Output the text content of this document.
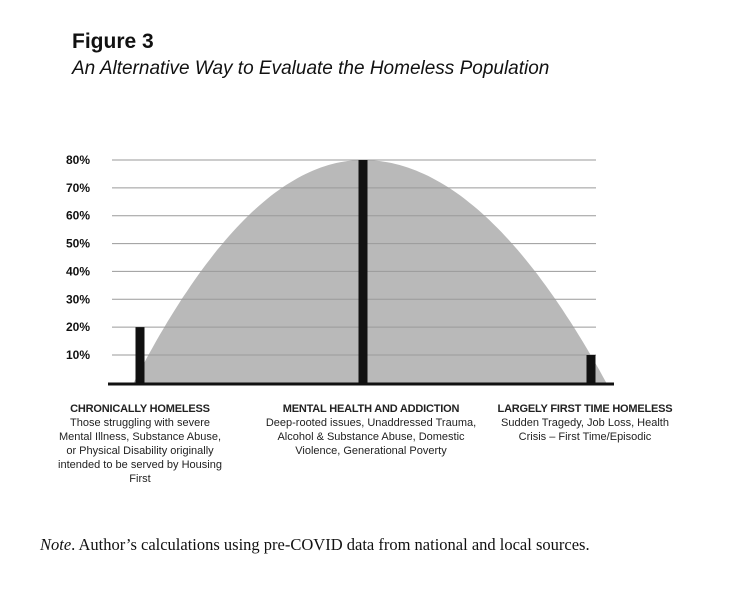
Figure 3
An Alternative Way to Evaluate the Homeless Population
10%
20%
30%
40%
50%
60%
70%
80%
CHRONICALLY HOMELESS
Those struggling with severe Mental Illness, Substance Abuse, or Physical Disability originally intended to be served by Housing First
MENTAL HEALTH AND ADDICTION
Deep-rooted issues, Unaddressed Trauma, Alcohol & Substance Abuse, Domestic Violence, Generational Poverty
LARGELY FIRST TIME HOMELESS
Sudden Tragedy, Job Loss, Health Crisis – First Time/Episodic
Note. Author’s calculations using pre-COVID data from national and local sources.
